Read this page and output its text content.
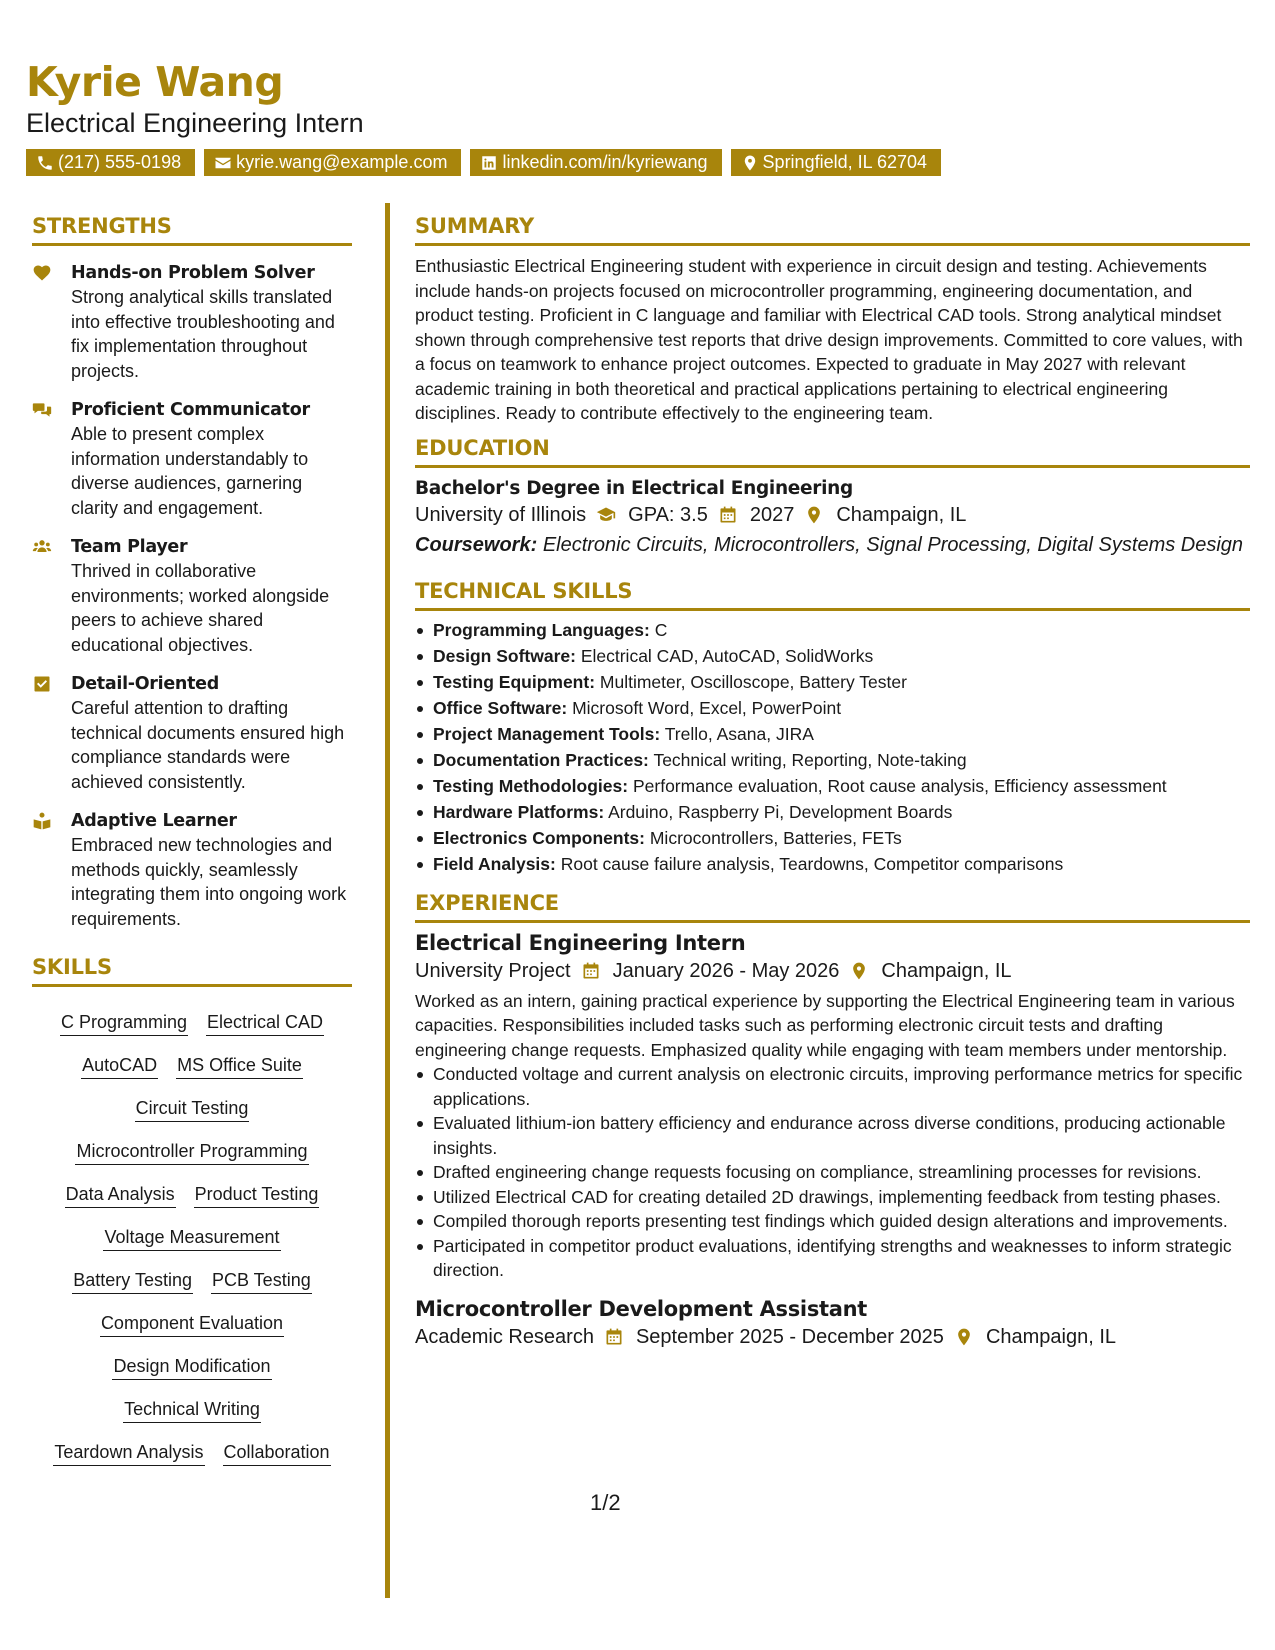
Kyrie Wang
Electrical Engineering Intern
(217) 555-0198	kyrie.wang@example.com	linkedin.com/in/kyriewang	Springfield, IL 62704
STRENGTHS
Hands-on Problem Solver
Strong analytical skills translated into effective troubleshooting and fix implementation throughout projects.
Proficient Communicator
Able to present complex information understandably to diverse audiences, garnering clarity and engagement.
Team Player
Thrived in collaborative environments; worked alongside peers to achieve shared educational objectives.
Detail-Oriented
Careful attention to drafting technical documents ensured high compliance standards were achieved consistently.
Adaptive Learner
Embraced new technologies and methods quickly, seamlessly integrating them into ongoing work requirements.
SKILLS
C Programming Electrical CAD
AutoCAD MS Office Suite
Circuit Testing
Microcontroller Programming
Data Analysis Product Testing
Voltage Measurement
Battery Testing PCB Testing
Component Evaluation
Design Modification
Technical Writing
Teardown Analysis Collaboration
SUMMARY
Enthusiastic Electrical Engineering student with experience in circuit design and testing. Achievements include hands-on projects focused on microcontroller programming, engineering documentation, and product testing. Proficient in C language and familiar with Electrical CAD tools. Strong analytical mindset shown through comprehensive test reports that drive design improvements. Committed to core values, with a focus on teamwork to enhance project outcomes. Expected to graduate in May 2027 with relevant academic training in both theoretical and practical applications pertaining to electrical engineering disciplines. Ready to contribute effectively to the engineering team.
EDUCATION
Bachelor's Degree in Electrical Engineering
University of Illinois GPA: 3.5 2027 Champaign, IL
Coursework: Electronic Circuits, Microcontrollers, Signal Processing, Digital Systems Design
TECHNICAL SKILLS
Programming Languages: C
Design Software: Electrical CAD, AutoCAD, SolidWorks
Testing Equipment: Multimeter, Oscilloscope, Battery Tester
Office Software: Microsoft Word, Excel, PowerPoint
Project Management Tools: Trello, Asana, JIRA
Documentation Practices: Technical writing, Reporting, Note-taking
Testing Methodologies: Performance evaluation, Root cause analysis, Efficiency assessment
Hardware Platforms: Arduino, Raspberry Pi, Development Boards
Electronics Components: Microcontrollers, Batteries, FETs
Field Analysis: Root cause failure analysis, Teardowns, Competitor comparisons
EXPERIENCE
Electrical Engineering Intern
University Project January 2026 - May 2026 Champaign, IL
Worked as an intern, gaining practical experience by supporting the Electrical Engineering team in various capacities. Responsibilities included tasks such as performing electronic circuit tests and drafting engineering change requests. Emphasized quality while engaging with team members under mentorship.
Conducted voltage and current analysis on electronic circuits, improving performance metrics for specific applications.
Evaluated lithium-ion battery efficiency and endurance across diverse conditions, producing actionable insights.
Drafted engineering change requests focusing on compliance, streamlining processes for revisions.
Utilized Electrical CAD for creating detailed 2D drawings, implementing feedback from testing phases.
Compiled thorough reports presenting test findings which guided design alterations and improvements.
Participated in competitor product evaluations, identifying strengths and weaknesses to inform strategic direction.
Microcontroller Development Assistant
Academic Research September 2025 - December 2025 Champaign, IL
1/2
